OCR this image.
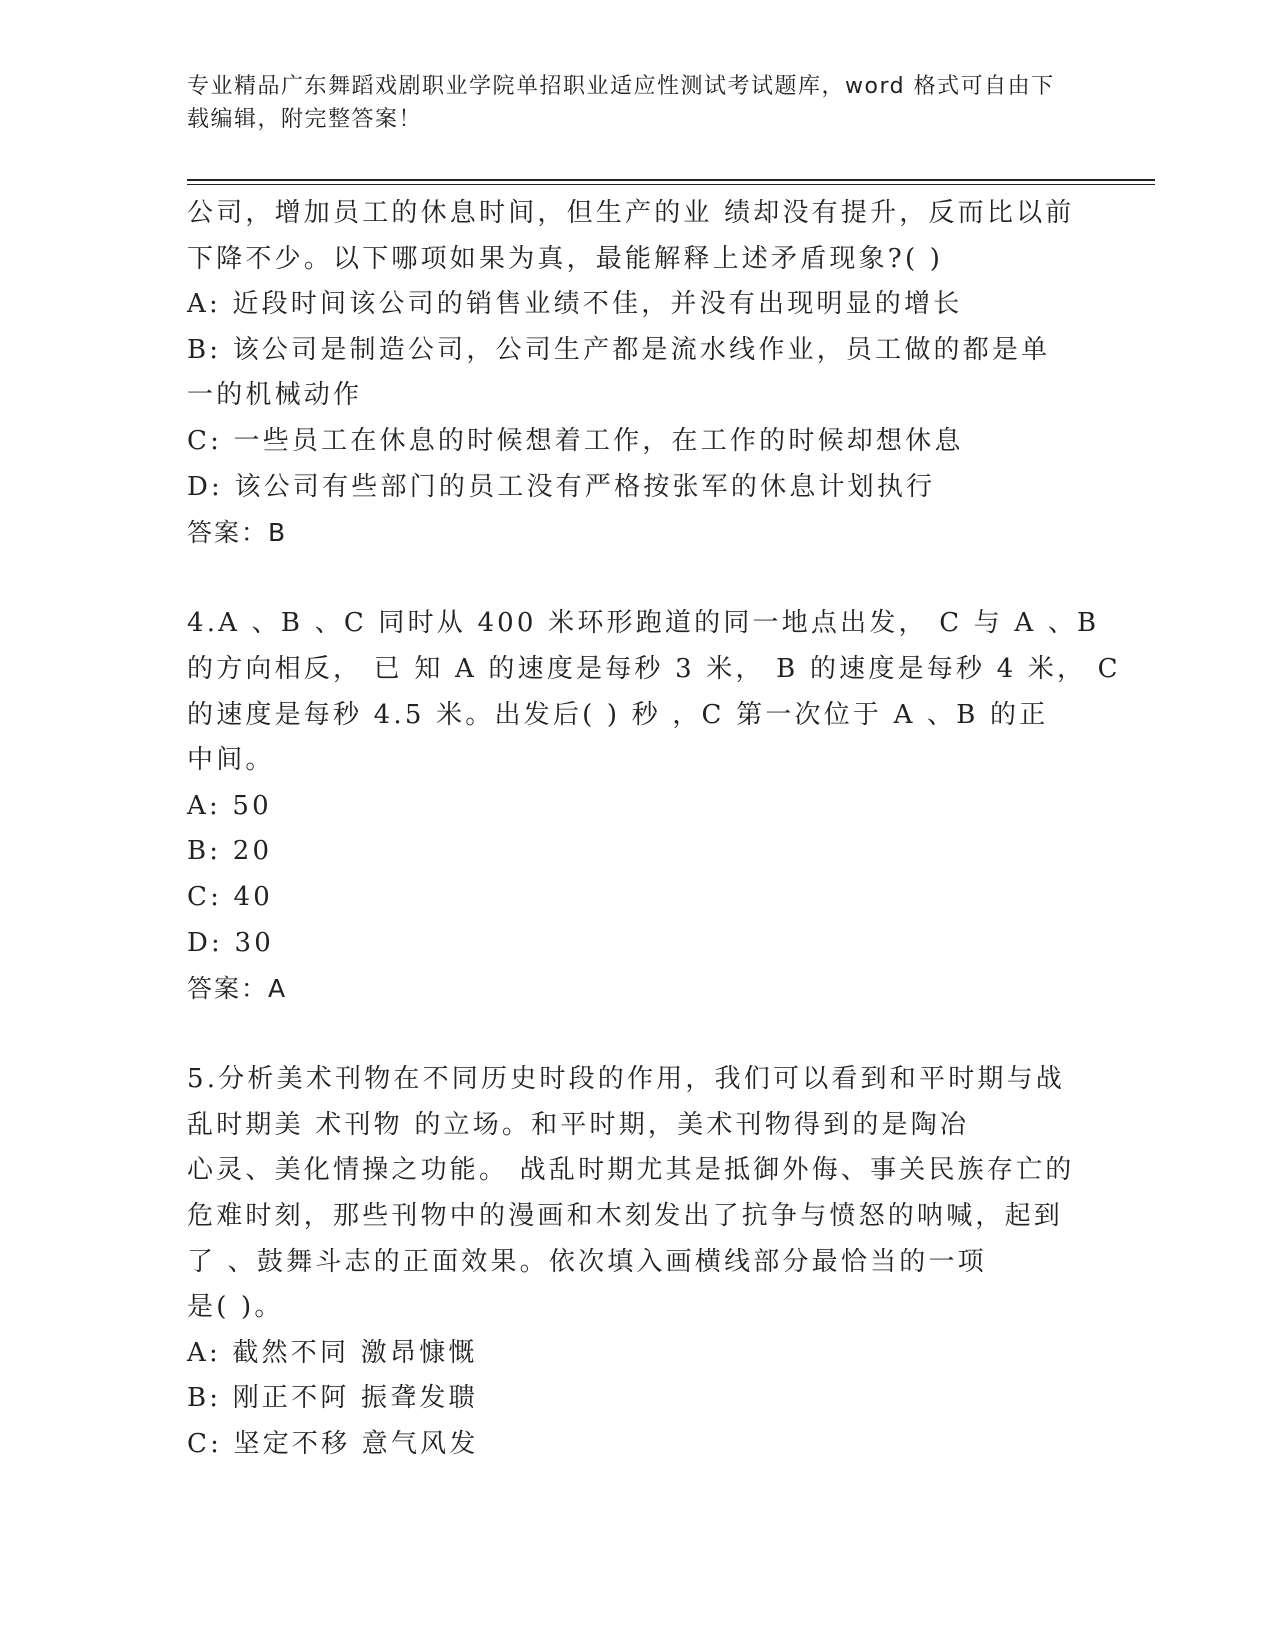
专业精品广东舞蹈戏剧职业学院单招职业适应性测试考试题库，word 格式可自由下载编辑，附完整答案！
公司，增加员工的休息时间，但生产的业 绩却没有提升，反而比以前
下降不少。以下哪项如果为真，最能解释上述矛盾现象?( )
A: 近段时间该公司的销售业绩不佳，并没有出现明显的增长
B: 该公司是制造公司，公司生产都是流水线作业，员工做的都是单
一的机械动作
C: 一些员工在休息的时候想着工作，在工作的时候却想休息
D: 该公司有些部门的员工没有严格按张军的休息计划执行
答案：B
4.A 、B 、C 同时从 400 米环形跑道的同一地点出发， C 与 A 、B
的方向相反， 已 知 A 的速度是每秒 3 米， B 的速度是每秒 4 米， C
的速度是每秒 4.5 米。出发后( ) 秒 ，C 第一次位于 A 、B 的正
中间。
A: 50
B: 20
C: 40
D: 30
答案：A
5.分析美术刊物在不同历史时段的作用，我们可以看到和平时期与战
乱时期美 术刊物 的立场。和平时期，美术刊物得到的是陶冶
心灵、美化情操之功能。 战乱时期尤其是抵御外侮、事关民族存亡的
危难时刻，那些刊物中的漫画和木刻发出了抗争与愤怒的呐喊，起到
了 、鼓舞斗志的正面效果。依次填入画横线部分最恰当的一项
是( )。
A: 截然不同 激昂慷慨
B: 刚正不阿 振聋发聩
C: 坚定不移 意气风发
